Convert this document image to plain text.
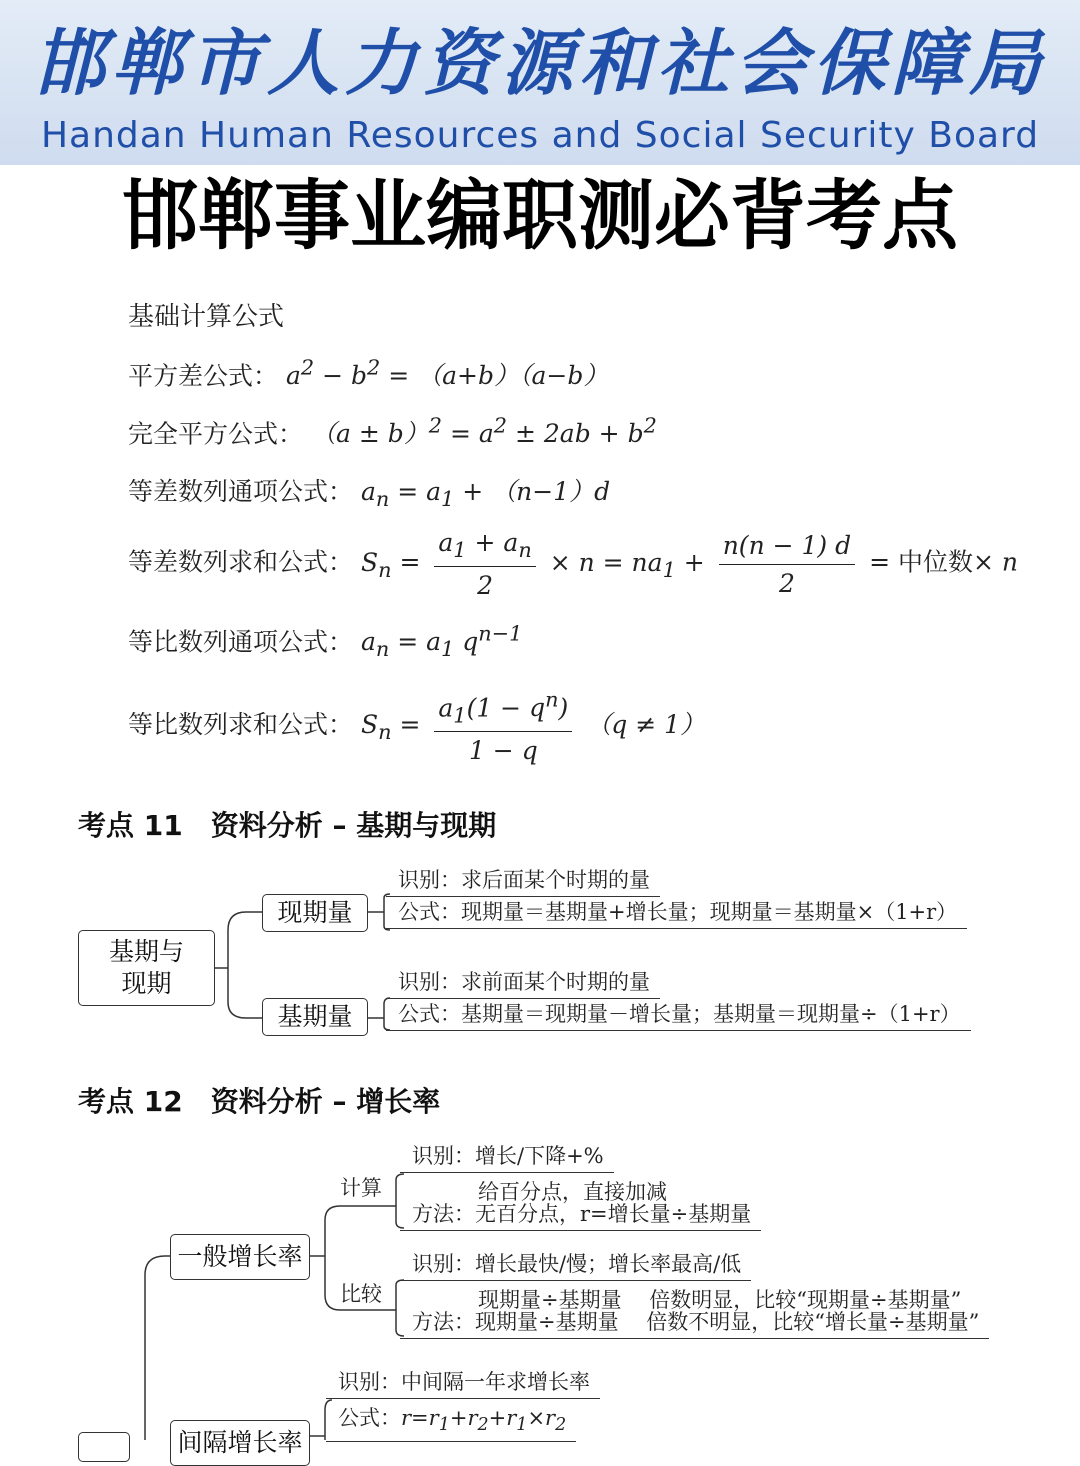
邯郸市人力资源和社会保障局
Handan Human Resources and Social Security Board
邯郸事业编职测必背考点
基础计算公式
平方差公式： $a^2 - b^2 = (a+b)(a-b)$
完全平方公式： $(a \pm b)^2 = a^2 \pm 2ab + b^2$
等差数列通项公式： $a_n = a_1 + (n-1)d$
等差数列求和公式： $S_n = \frac{a_1 + a_n}{2} \times n = na_1 + \frac{n(n - 1) d}{2}$ = 中位数× n
等比数列通项公式： $a_n = a_1$ $q^{n-1}$
等比数列求和公式： $S_n = \frac{a_1(1 - q^n)}{1 - q} (q \ne 1)$
考点 11　资料分析 – 基期与现期
基期与
现期
现期量
识别：求后面某个时期的量
公式：现期量＝基期量+增长量；现期量＝基期量×（1+r）
基期量
识别：求前面某个时期的量
公式：基期量＝现期量－增长量；基期量＝现期量÷（1+r）
考点 12　资料分析 – 增长率
一般增长率
计算
识别：增长/下降+%
给百分点，直接加减
方法：无百分点，r=增长量÷基期量
比较
识别：增长最快/慢；增长率最高/低
现期量÷基期量　 倍数明显，比较“现期量÷基期量”
方法：现期量÷基期量　 倍数不明显，比较“增长量÷基期量”
间隔增长率
识别：中间隔一年求增长率
公式：$r=r_1+r_2+r_1\times r_2$
